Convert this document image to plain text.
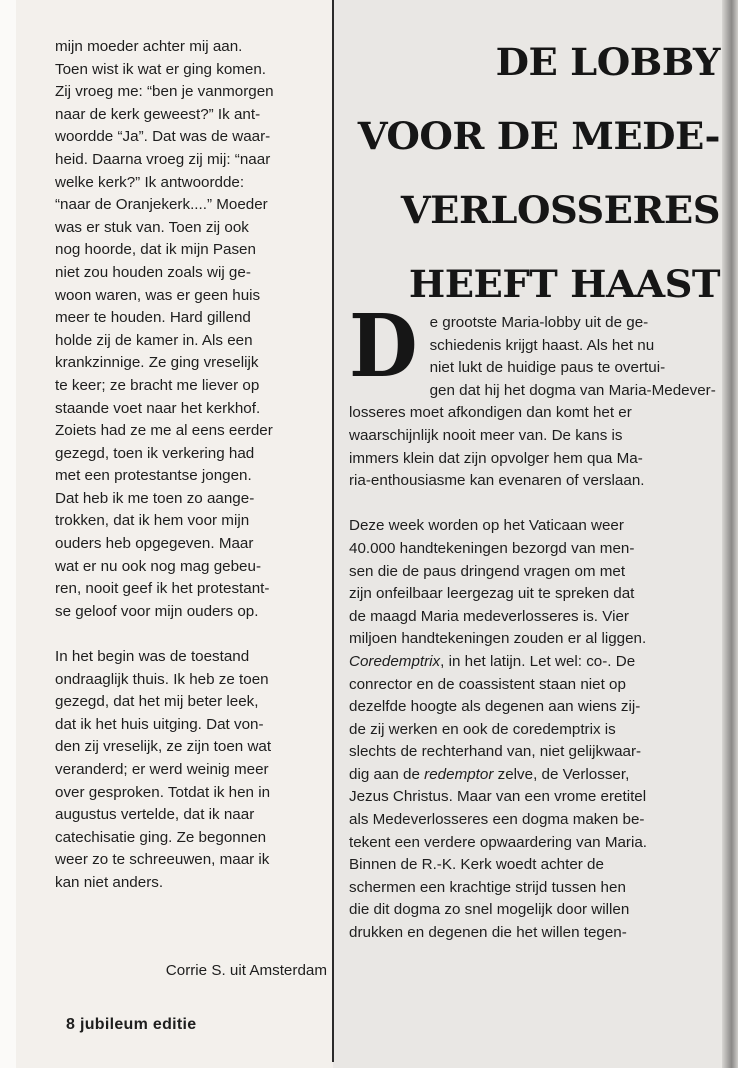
mijn moeder achter mij aan.
Toen wist ik wat er ging komen.
Zij vroeg me: “ben je vanmorgen
naar de kerk geweest?” Ik ant-
woordde “Ja”. Dat was de waar-
heid. Daarna vroeg zij mij: “naar
welke kerk?” Ik antwoordde:
“naar de Oranjekerk....” Moeder
was er stuk van. Toen zij ook
nog hoorde, dat ik mijn Pasen
niet zou houden zoals wij ge-
woon waren, was er geen huis
meer te houden. Hard gillend
holde zij de kamer in. Als een
krankzinnige. Ze ging vreselijk
te keer; ze bracht me liever op
staande voet naar het kerkhof.
Zoiets had ze me al eens eerder
gezegd, toen ik verkering had
met een protestantse jongen.
Dat heb ik me toen zo aange-
trokken, dat ik hem voor mijn
ouders heb opgegeven. Maar
wat er nu ook nog mag gebeu-
ren, nooit geef ik het protestant-
se geloof voor mijn ouders op.
In het begin was de toestand
ondraaglijk thuis. Ik heb ze toen
gezegd, dat het mij beter leek,
dat ik het huis uitging. Dat von-
den zij vreselijk, ze zijn toen wat
veranderd; er werd weinig meer
over gesproken. Totdat ik hen in
augustus vertelde, dat ik naar
catechisatie ging. Ze begonnen
weer zo te schreeuwen, maar ik
kan niet anders.
Corrie S. uit Amsterdam
8 jubileum editie
DE LOBBY
VOOR DE MEDE-
VERLOSSERES
HEEFT HAAST
D e grootste Maria-lobby uit de ge-
schiedenis krijgt haast. Als het nu
niet lukt de huidige paus te overtui-
gen dat hij het dogma van Maria-Medever-
losseres moet afkondigen dan komt het er
waarschijnlijk nooit meer van. De kans is
immers klein dat zijn opvolger hem qua Ma-
ria-enthousiasme kan evenaren of verslaan.
Deze week worden op het Vaticaan weer
40.000 handtekeningen bezorgd van men-
sen die de paus dringend vragen om met
zijn onfeilbaar leergezag uit te spreken dat
de maagd Maria medeverlosseres is. Vier
miljoen handtekeningen zouden er al liggen.
Coredemptrix, in het latijn. Let wel: co-. De
conrector en de coassistent staan niet op
dezelfde hoogte als degenen aan wiens zij-
de zij werken en ook de coredemptrix is
slechts de rechterhand van, niet gelijkwaar-
dig aan de redemptor zelve, de Verlosser,
Jezus Christus. Maar van een vrome eretitel
als Medeverlosseres een dogma maken be-
tekent een verdere opwaardering van Maria.
Binnen de R.-K. Kerk woedt achter de
schermen een krachtige strijd tussen hen
die dit dogma zo snel mogelijk door willen
drukken en degenen die het willen tegen-
